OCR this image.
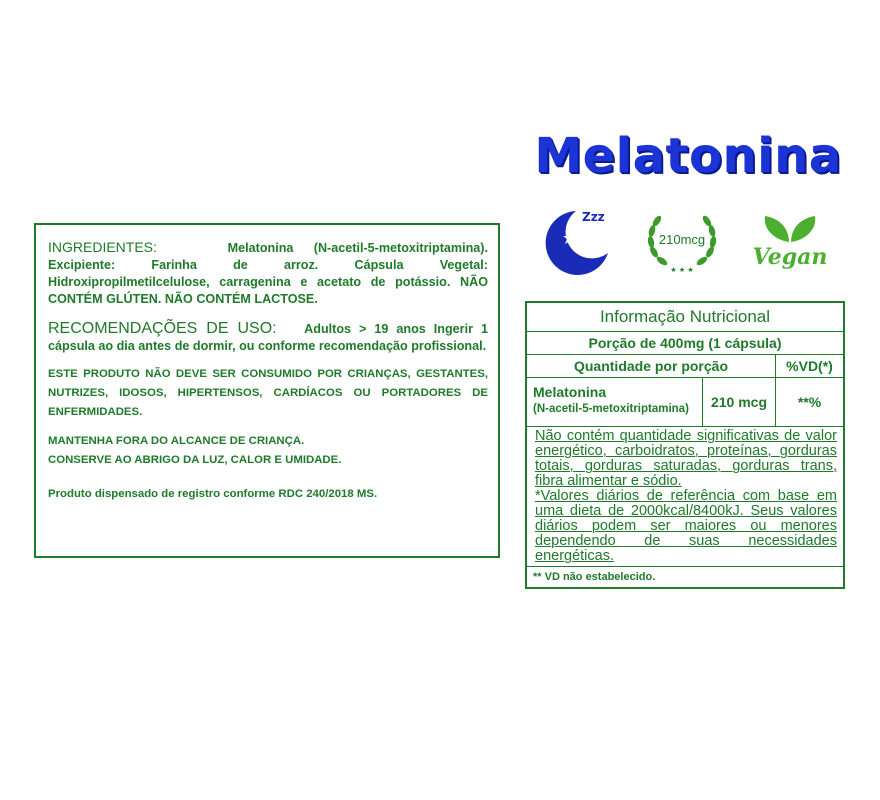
Melatonina
Zzz
210mcg
★ ★ ★	Vegan

INGREDIENTES:	Melatonina (N-acetil-5-metoxitriptamina). Excipiente: Farinha de arroz. Cápsula Vegetal: Hidroxipropilmetilcelulose, carragenina e acetato de potássio. NÃO CONTÉM GLÚTEN. NÃO CONTÉM LACTOSE.

RECOMENDAÇÕES DE USO: Adultos > 19 anos Ingerir 1 cápsula ao dia antes de dormir, ou conforme recomendação profissional.

ESTE PRODUTO NÃO DEVE SER CONSUMIDO POR CRIANÇAS, GESTANTES, NUTRIZES, IDOSOS, HIPERTENSOS, CARDÍACOS OU PORTADORES DE ENFERMIDADES.

MANTENHA FORA DO ALCANCE DE CRIANÇA.
CONSERVE AO ABRIGO DA LUZ, CALOR E UMIDADE.

Produto dispensado de registro conforme RDC 240/2018 MS.

Informação Nutricional
Porção de 400mg (1 cápsula)
Quantidade por porção	%VD(*)
Melatonina
(N-acetil-5-metoxitriptamina)	210 mcg	**%

Não contém quantidade significativas de valor energético, carboidratos, proteínas, gorduras totais, gorduras saturadas, gorduras trans, fibra alimentar e sódio.

*Valores diários de referência com base em uma dieta de 2000kcal/8400kJ. Seus valores diários podem ser maiores ou menores dependendo de suas necessidades energéticas.

** VD não estabelecido.
